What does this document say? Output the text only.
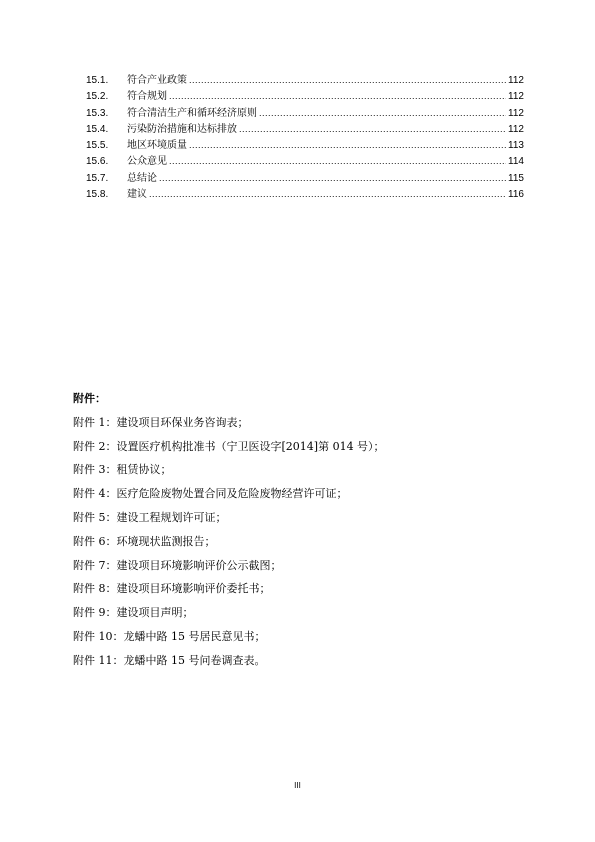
15.1.	符合产业政策 .....	112
15.2.	符合规划 .....	112
15.3.	符合清洁生产和循环经济原则 .....	112
15.4.	污染防治措施和达标排放 .....	112
15.5.	地区环境质量 .....	113
15.6.	公众意见 .....	114
15.7.	总结论 .....	115
15.8.	建议 .....	116
附件：
附件 1：建设项目环保业务咨询表；
附件 2：设置医疗机构批准书（宁卫医设字[2014]第 014 号）；
附件 3：租赁协议；
附件 4：医疗危险废物处置合同及危险废物经营许可证；
附件 5：建设工程规划许可证；
附件 6：环境现状监测报告；
附件 7：建设项目环境影响评价公示截图；
附件 8：建设项目环境影响评价委托书；
附件 9：建设项目声明；
附件 10：龙蟠中路 15 号居民意见书；
附件 11：龙蟠中路 15 号问卷调查表。
III
